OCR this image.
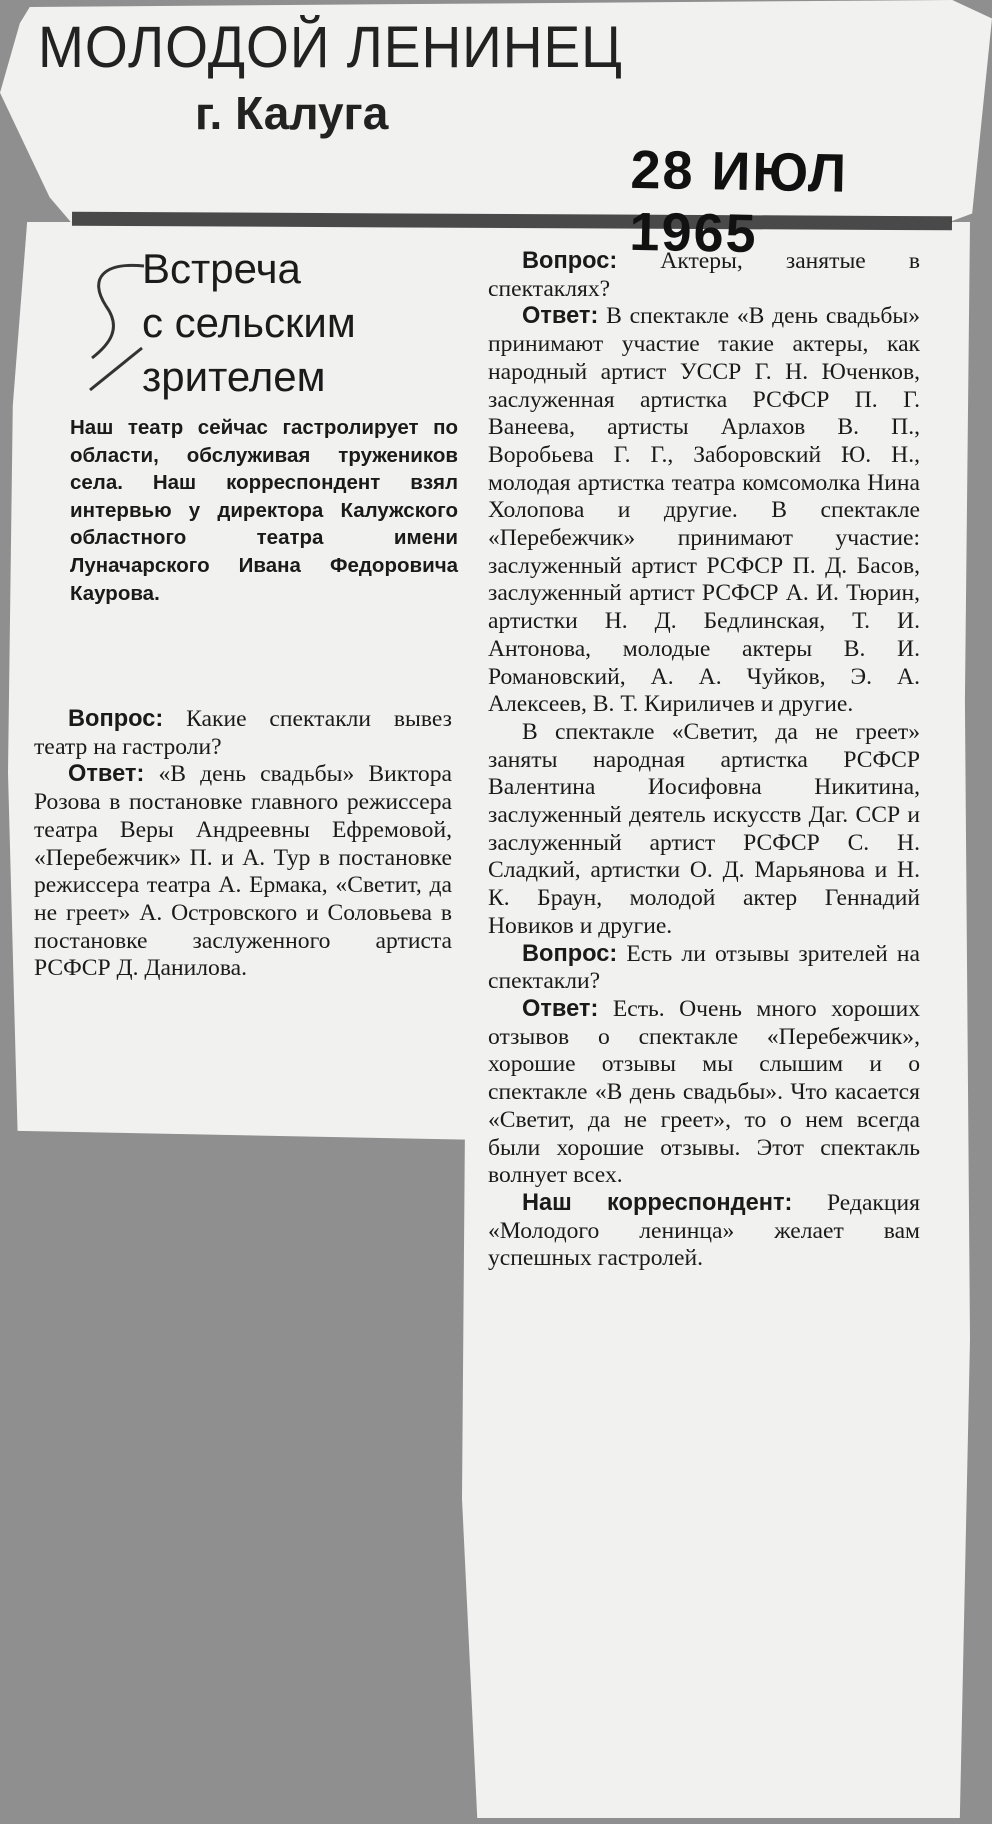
МОЛОДОЙ ЛЕНИНЕЦ
г. Калуга
28 ИЮЛ 1965
Встреча
с сельским
зрителем
Наш театр сейчас гастролирует по области, обслуживая тружеников села. Наш корреспондент взял интервью у директора Калужского областного театра имени Луначарского Ивана Федоровича Каурова.

Вопрос: Какие спектакли вывез театр на гастроли?

Ответ: «В день свадьбы» Виктора Розова в постановке главного режиссера театра Веры Андреевны Ефремовой, «Перебежчик» П. и А. Тур в постановке режиссера театра А. Ермака, «Светит, да не греет» А. Островского и Соловьева в постановке заслуженного артиста РСФСР Д. Данилова.

Вопрос: Актеры, занятые в спектаклях?

Ответ: В спектакле «В день свадьбы» принимают участие такие актеры, как народный артист УССР Г. Н. Юченков, заслуженная артистка РСФСР П. Г. Ванеева, артисты Арлахов В. П., Воробьева Г. Г., Заборовский Ю. Н., молодая артистка театра комсомолка Нина Холопова и другие. В спектакле «Перебежчик» принимают участие: заслуженный артист РСФСР П. Д. Басов, заслуженный артист РСФСР А. И. Тюрин, артистки Н. Д. Бедлинская, Т. И. Антонова, молодые актеры В. И. Романовский, А. А. Чуйков, Э. А. Алексеев, В. Т. Кириличев и другие.

В спектакле «Светит, да не греет» заняты народная артистка РСФСР Валентина Иосифовна Никитина, заслуженный деятель искусств Даг. ССР и заслуженный артист РСФСР С. Н. Сладкий, артистки О. Д. Марьянова и Н. К. Браун, молодой актер Геннадий Новиков и другие.

Вопрос: Есть ли отзывы зрителей на спектакли?

Ответ: Есть. Очень много хороших отзывов о спектакле «Перебежчик», хорошие отзывы мы слышим и о спектакле «В день свадьбы». Что касается «Светит, да не греет», то о нем всегда были хорошие отзывы. Этот спектакль волнует всех.

Наш корреспондент: Редакция «Молодого ленинца» желает вам успешных гастролей.
